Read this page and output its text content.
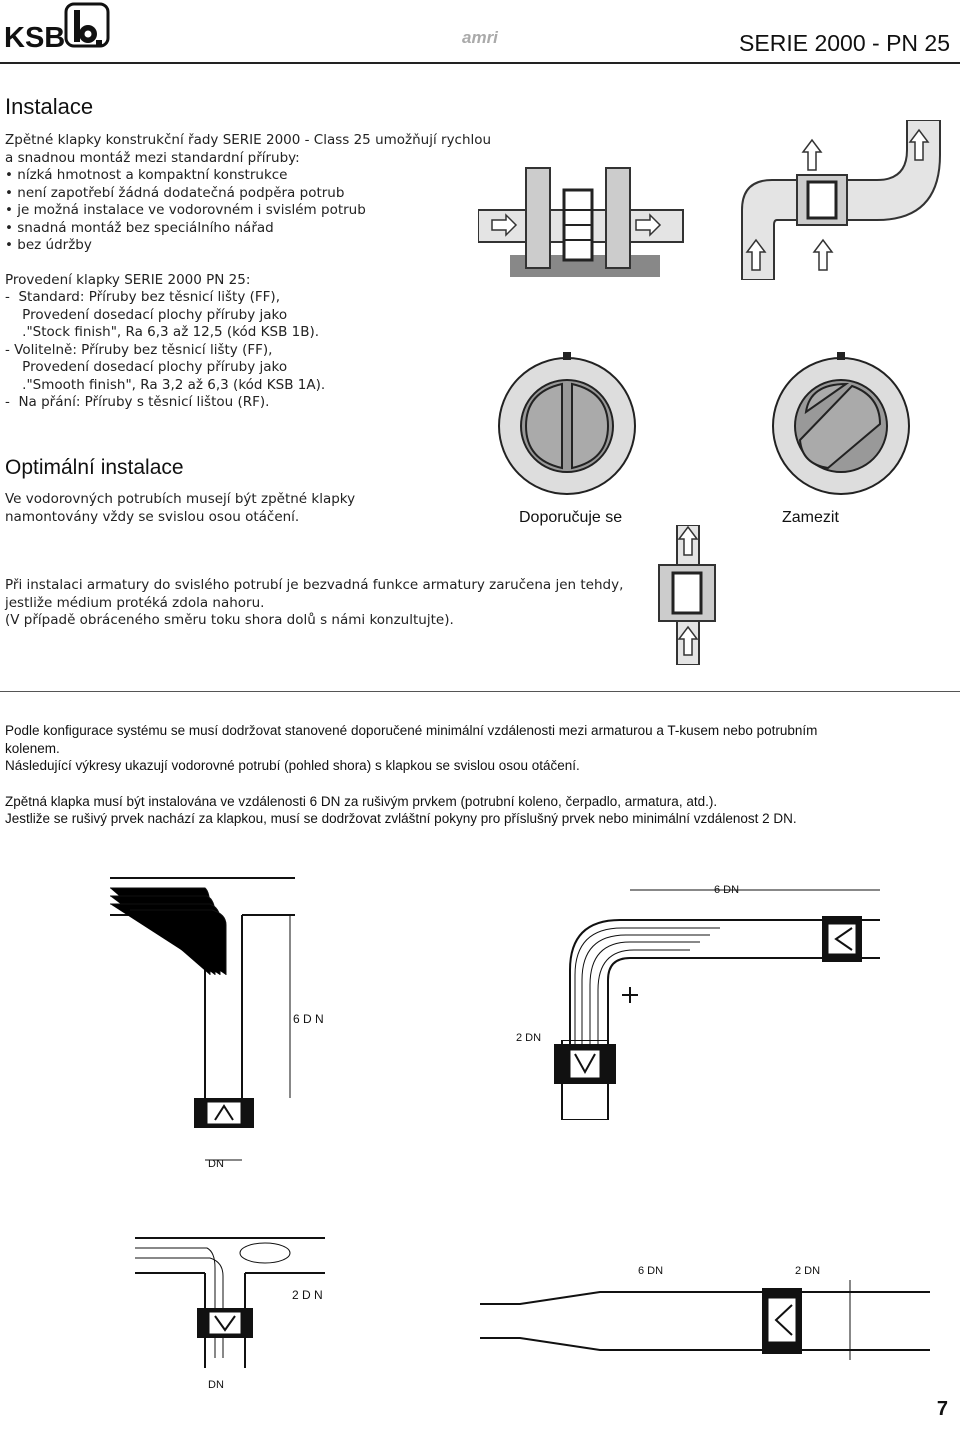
KSB	amri	SERIE 2000 - PN 25
Instalace
Zpětné klapky konstrukční řady SERIE 2000 - Class 25 umožňují rychlou
a snadnou montáž mezi standardní příruby:
• nízká hmotnost a kompaktní konstrukce
• není zapotřebí žádná dodatečná podpěra potrub
• je možná instalace ve vodorovném i svislém potrub
• snadná montáž bez speciálního nářad
• bez údržby
Provedení klapky SERIE 2000 PN 25:
-  Standard: Příruby bez těsnicí lišty (FF),
Provedení dosedací plochy příruby jako
."Stock finish", Ra 6,3 až 12,5 (kód KSB 1B).
- Volitelně: Příruby bez těsnicí lišty (FF),
Provedení dosedací plochy příruby jako
."Smooth finish", Ra 3,2 až 6,3 (kód KSB 1A).
-  Na přání: Příruby s těsnicí lištou (RF).
Optimální instalace
Ve vodorovných potrubích musejí být zpětné klapky
namontovány vždy se svislou osou otáčení.	Doporučuje se	Zamezit
Při instalaci armatury do svislého potrubí je bezvadná funkce armatury zaručena jen tehdy,
jestliže médium protéká zdola nahoru.
(V případě obráceného směru toku shora dolů s námi konzultujte).
Podle konfigurace systému se musí dodržovat stanovené doporučené minimální vzdálenosti mezi armaturou a T-kusem nebo potrubním
kolenem.
Následující výkresy ukazují vodorovné potrubí (pohled shora) s klapkou se svislou osou otáčení.
Zpětná klapka musí být instalována ve vzdálenosti 6 DN za rušivým prvkem (potrubní koleno, čerpadlo, armatura, atd.).
Jestliže se rušivý prvek nachází za klapkou, musí se dodržovat zvláštní pokyny pro příslušný prvek nebo minimální vzdálenost 2 DN.
6 D N
DN
6 DN
2 DN
2 D N
DN
6 DN	2 DN
7
